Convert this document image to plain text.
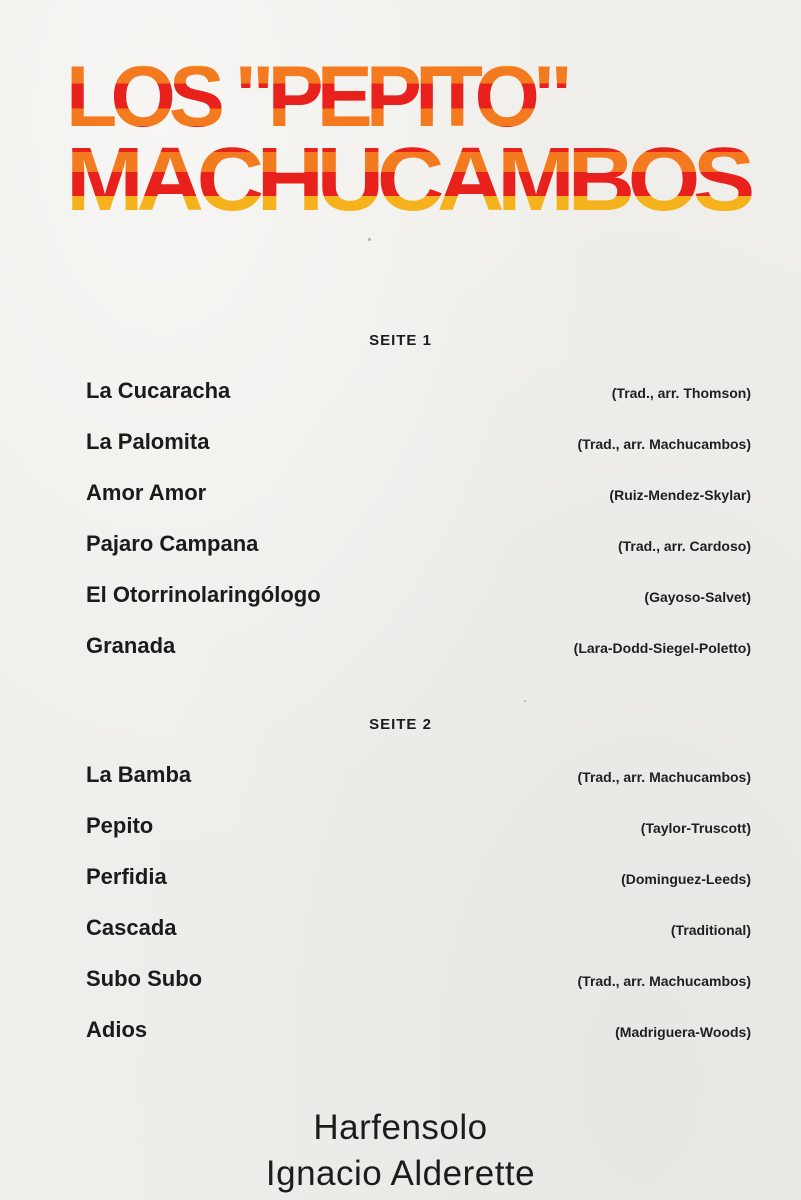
LOS "PEPITO"
MACHUCAMBOS
SEITE 1
La Cucaracha	(Trad., arr. Thomson)
La Palomita	(Trad., arr. Machucambos)
Amor Amor	(Ruiz-Mendez-Skylar)
Pajaro Campana	(Trad., arr. Cardoso)
El Otorrinolaringólogo	(Gayoso-Salvet)
Granada	(Lara-Dodd-Siegel-Poletto)
SEITE 2
La Bamba	(Trad., arr. Machucambos)
Pepito	(Taylor-Truscott)
Perfidia	(Dominguez-Leeds)
Cascada	(Traditional)
Subo Subo	(Trad., arr. Machucambos)
Adios	(Madriguera-Woods)
Harfensolo
Ignacio Alderette
